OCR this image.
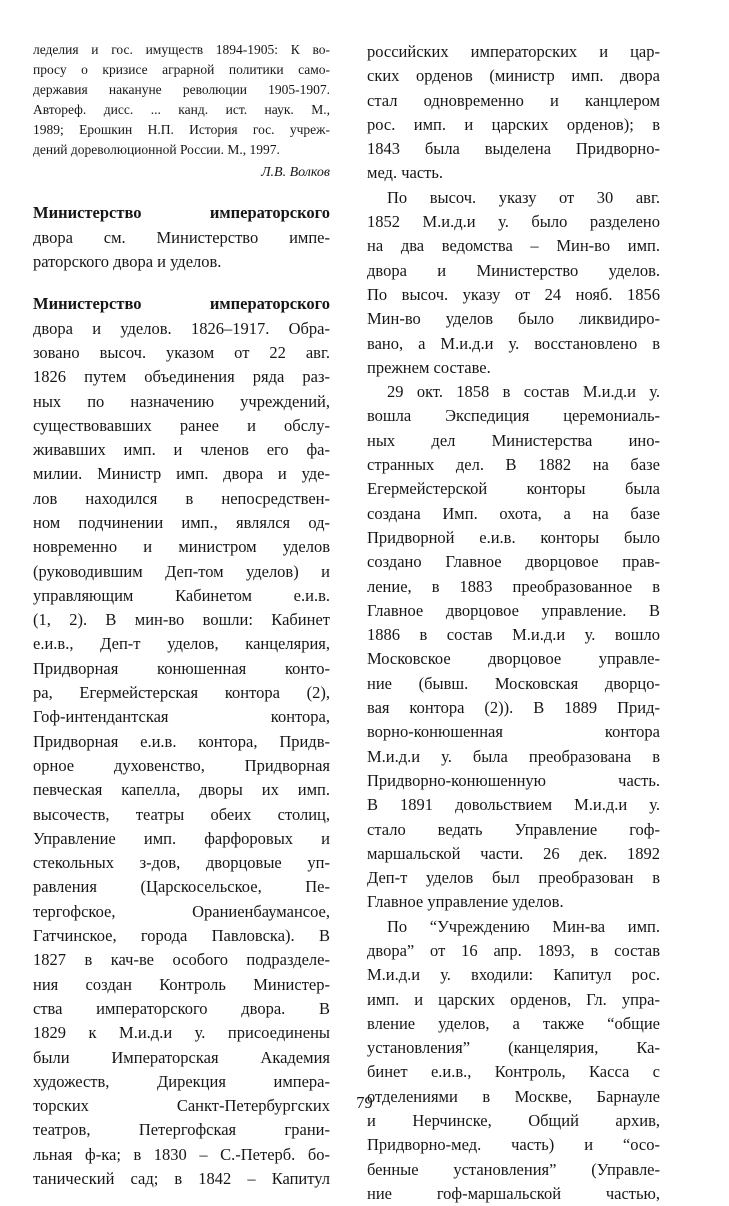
леделия и гос. имуществ 1894-1905: К во-
просу о кризисе аграрной политики само-
державия накануне революции 1905-1907.
Автореф. дисс. ... канд. ист. наук. М.,
1989; Ерошкин Н.П. История гос. учреж-
дений дореволюционной России. М., 1997.
Л.В. Волков
Министерство императорского
двора см. Министерство импе-
раторского двора и уделов.
Министерство императорского
двора и уделов. 1826–1917. Обра-
зовано высоч. указом от 22 авг.
1826 путем объединения ряда раз-
ных по назначению учреждений,
существовавших ранее и обслу-
живавших имп. и членов его фа-
милии. Министр имп. двора и уде-
лов находился в непосредствен-
ном подчинении имп., являлся од-
новременно и министром уделов
(руководившим Деп-том уделов) и
управляющим Кабинетом е.и.в.
(1, 2). В мин-во вошли: Кабинет
е.и.в., Деп-т уделов, канцелярия,
Придворная конюшенная конто-
ра, Егермейстерская контора (2),
Гоф-интендантская контора,
Придворная е.и.в. контора, Придв-
орное духовенство, Придворная
певческая капелла, дворы их имп.
высочеств, театры обеих столиц,
Управление имп. фарфоровых и
стекольных з-дов, дворцовые уп-
равления (Царскосельское, Пе-
тергофское, Ораниенбаумансое,
Гатчинское, города Павловска). В
1827 в кач-ве особого подразделе-
ния создан Контроль Министер-
ства императорского двора. В
1829 к М.и.д.и у. присоединены
были Императорская Академия
художеств, Дирекция импера-
торских Санкт-Петербургских
театров, Петергофская грани-
льная ф-ка; в 1830 – С.-Петерб. бо-
танический сад; в 1842 – Капитул
российских императорских и цар-
ских орденов (министр имп. двора
стал одновременно и канцлером
рос. имп. и царских орденов); в
1843 была выделена Придворно-
мед. часть.
По высоч. указу от 30 авг.
1852 М.и.д.и у. было разделено
на два ведомства – Мин-во имп.
двора и Министерство уделов.
По высоч. указу от 24 нояб. 1856
Мин-во уделов было ликвидиро-
вано, а М.и.д.и у. восстановлено в
прежнем составе.
29 окт. 1858 в состав М.и.д.и у.
вошла Экспедиция церемониаль-
ных дел Министерства ино-
странных дел. В 1882 на базе
Егермейстерской конторы была
создана Имп. охота, а на базе
Придворной е.и.в. конторы было
создано Главное дворцовое прав-
ление, в 1883 преобразованное в
Главное дворцовое управление. В
1886 в состав М.и.д.и у. вошло
Московское дворцовое управле-
ние (бывш. Московская дворцо-
вая контора (2)). В 1889 Прид-
ворно-конюшенная контора
М.и.д.и у. была преобразована в
Придворно-конюшенную часть.
В 1891 довольствием М.и.д.и у.
стало ведать Управление гоф-
маршальской части. 26 дек. 1892
Деп-т уделов был преобразован в
Главное управление уделов.
По “Учреждению Мин-ва имп.
двора” от 16 апр. 1893, в состав
М.и.д.и у. входили: Капитул рос.
имп. и царских орденов, Гл. упра-
вление уделов, а также “общие
установления” (канцелярия, Ка-
бинет е.и.в., Контроль, Касса с
отделениями в Москве, Барнауле
и Нерчинске, Общий архив,
Придворно-мед. часть) и “осо-
бенные установления” (Управле-
ние гоф-маршальской частью,
79
